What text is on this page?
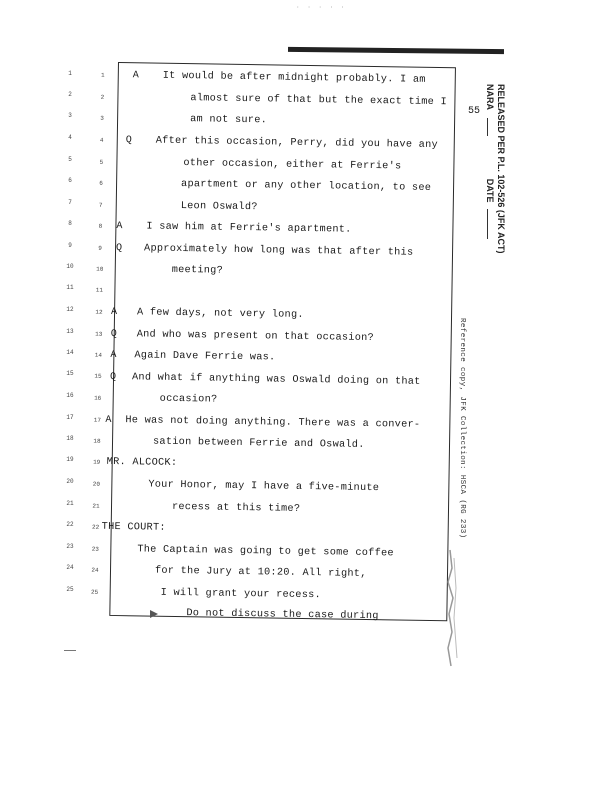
· · · · ·
1
2
3
4
5
6
7
8
9
10
11
12
13
14
15
16
17
18
19
20
21
22
23
24
25
1
2
3
4
5
6
7
8
9
10
11
12
13
14
15
16
17
18
19
20
21
22
23
24
25
A
Q
A
Q
A
Q
A
Q
A
It would be after midnight probably. I am
almost sure of that but the exact time I
am not sure.
After this occasion, Perry, did you have any
other occasion, either at Ferrie's
apartment or any other location, to see
Leon Oswald?
I saw him at Ferrie's apartment.
Approximately how long was that after this
meeting?
A few days, not very long.
And who was present on that occasion?
Again Dave Ferrie was.
And what if anything was Oswald doing on that
occasion?
He was not doing anything. There was a conver-
sation between Ferrie and Oswald.
MR. ALCOCK:
Your Honor, may I have a five-minute
recess at this time?
THE COURT:
The Captain was going to get some coffee
for the Jury at 10:20. All right,
I will grant your recess.
Do not discuss the case during
55 RELEASED PER P.L. 102-526 (JFK ACT)
NARA  DATE
Reference copy, JFK Collection: HSCA (RG 233)
